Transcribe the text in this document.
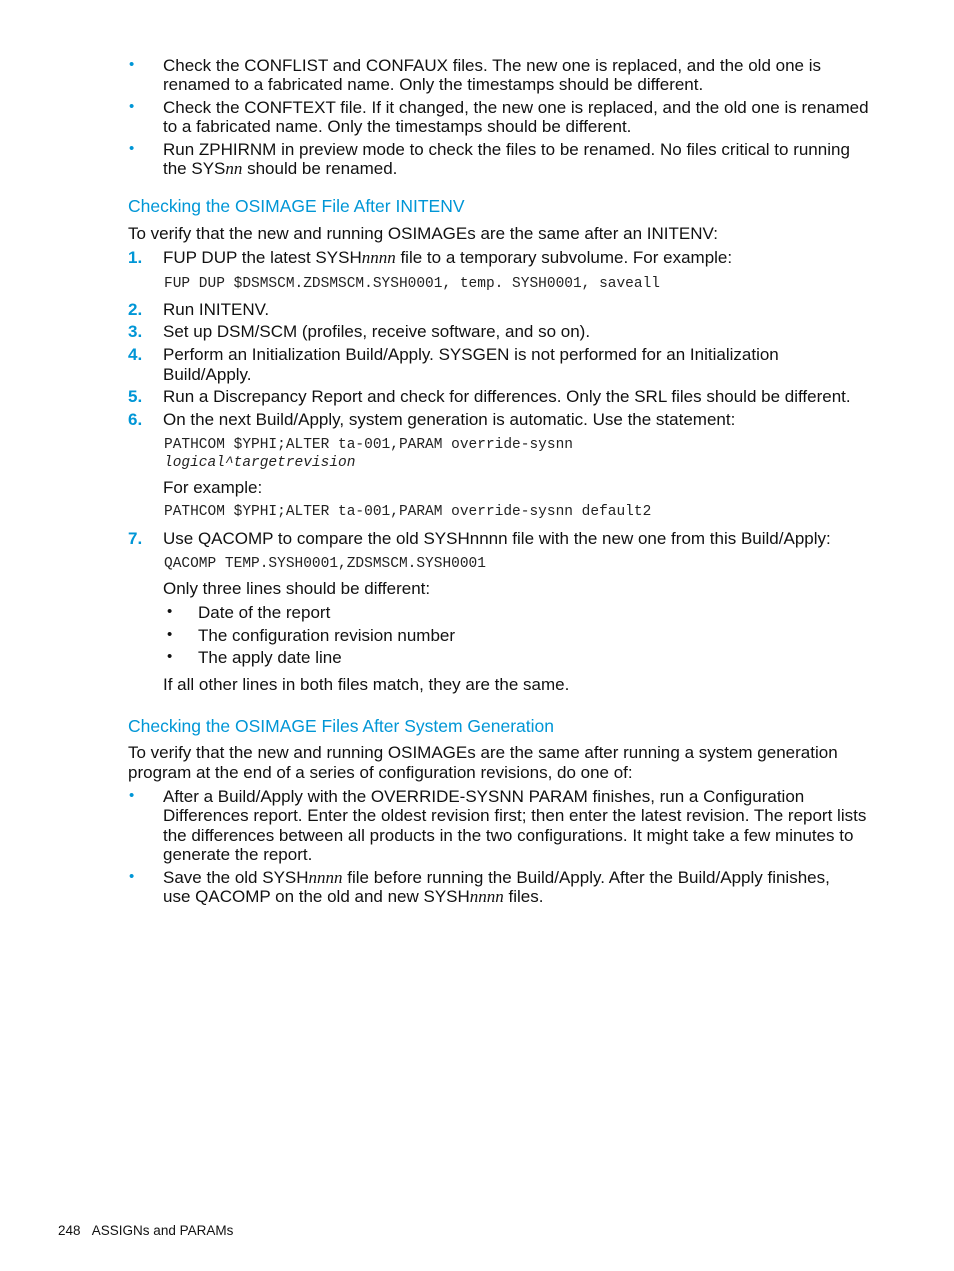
• Check the CONFLIST and CONFAUX files. The new one is replaced, and the old one is
renamed to a fabricated name. Only the timestamps should be different.
• Check the CONFTEXT file. If it changed, the new one is replaced, and the old one is renamed
to a fabricated name. Only the timestamps should be different.
• Run ZPHIRNM in preview mode to check the files to be renamed. No files critical to running
the SYSnn should be renamed.
Checking the OSIMAGE File After INITENV
To verify that the new and running OSIMAGEs are the same after an INITENV:
1. FUP DUP the latest SYSHnnnn file to a temporary subvolume. For example:
FUP DUP $DSMSCM.ZDSMSCM.SYSH0001, temp. SYSH0001, saveall
2. Run INITENV.
3. Set up DSM/SCM (profiles, receive software, and so on).
4. Perform an Initialization Build/Apply. SYSGEN is not performed for an Initialization
Build/Apply.
5. Run a Discrepancy Report and check for differences. Only the SRL files should be different.
6. On the next Build/Apply, system generation is automatic. Use the statement:
PATHCOM $YPHI;ALTER ta-001,PARAM override-sysnn
logical^targetrevision
For example:
PATHCOM $YPHI;ALTER ta-001,PARAM override-sysnn default2
7. Use QACOMP to compare the old SYSHnnnn file with the new one from this Build/Apply:
QACOMP TEMP.SYSH0001,ZDSMSCM.SYSH0001
Only three lines should be different:
• Date of the report
• The configuration revision number
• The apply date line
If all other lines in both files match, they are the same.
Checking the OSIMAGE Files After System Generation
To verify that the new and running OSIMAGEs are the same after running a system generation
program at the end of a series of configuration revisions, do one of:
• After a Build/Apply with the OVERRIDE-SYSNN PARAM finishes, run a Configuration
Differences report. Enter the oldest revision first; then enter the latest revision. The report lists
the differences between all products in the two configurations. It might take a few minutes to
generate the report.
• Save the old SYSHnnnn file before running the Build/Apply. After the Build/Apply finishes,
use QACOMP on the old and new SYSHnnnn files.
248 ASSIGNs and PARAMs
